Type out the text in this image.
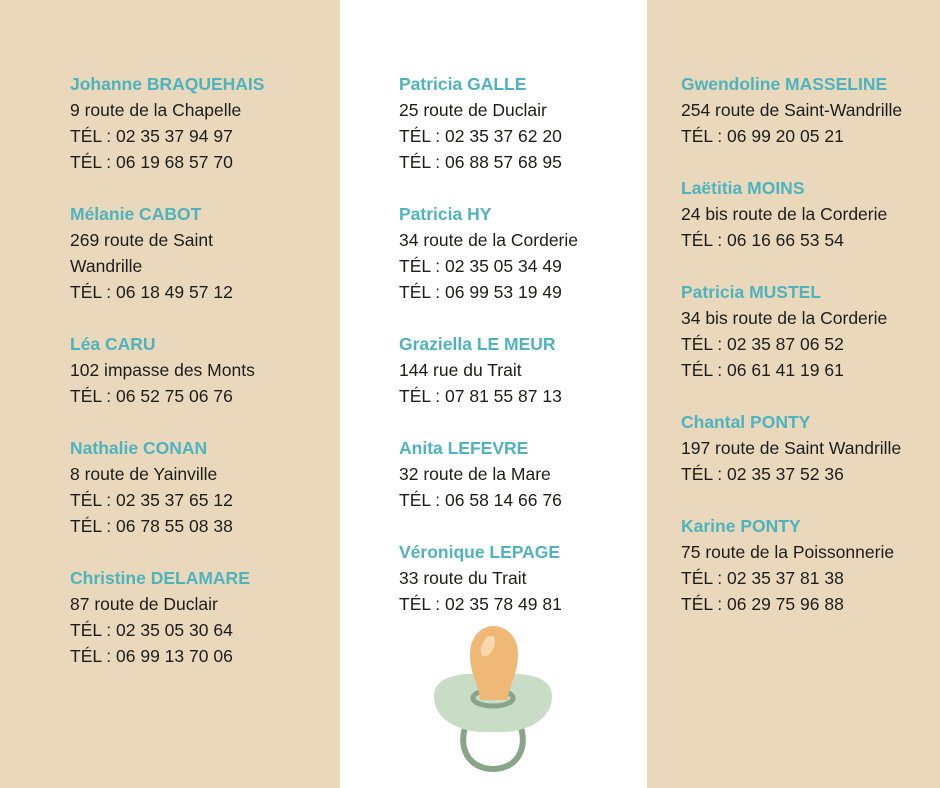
Johanne BRAQUEHAIS
9 route de la Chapelle
TÉL : 02 35 37 94 97
TÉL : 06 19 68 57 70
Mélanie CABOT
269 route de Saint
Wandrille
TÉL : 06 18 49 57 12
Léa CARU
102 impasse des Monts
TÉL : 06 52 75 06 76
Nathalie CONAN
8 route de Yainville
TÉL : 02 35 37 65 12
TÉL : 06 78 55 08 38
Christine DELAMARE
87 route de Duclair
TÉL : 02 35 05 30 64
TÉL : 06 99 13 70 06
Patricia GALLE
25 route de Duclair
TÉL : 02 35 37 62 20
TÉL : 06 88 57 68 95
Patricia HY
34 route de la Corderie
TÉL : 02 35 05 34 49
TÉL : 06 99 53 19 49
Graziella LE MEUR
144 rue du Trait
TÉL : 07 81 55 87 13
Anita LEFEVRE
32 route de la Mare
TÉL : 06 58 14 66 76
Véronique LEPAGE
33 route du Trait
TÉL : 02 35 78 49 81
Gwendoline MASSELINE
254 route de Saint-Wandrille
TÉL : 06 99 20 05 21
Laëtitia MOINS
24 bis route de la Corderie
TÉL : 06 16 66 53 54
Patricia MUSTEL
34 bis route de la Corderie
TÉL : 02 35 87 06 52
TÉL : 06 61 41 19 61
Chantal PONTY
197 route de Saint Wandrille
TÉL : 02 35 37 52 36
Karine PONTY
75 route de la Poissonnerie
TÉL : 02 35 37 81 38
TÉL : 06 29 75 96 88
